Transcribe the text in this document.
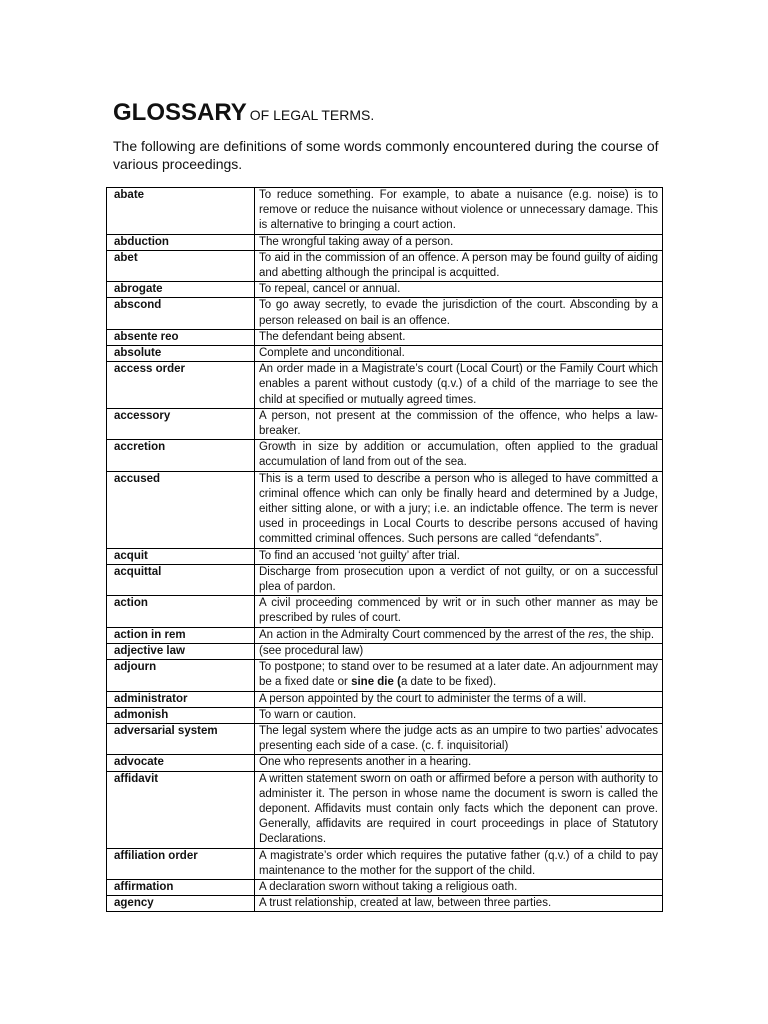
GLOSSARY OF LEGAL TERMS.

The following are definitions of some words commonly encountered during the course of various proceedings.

abate	To reduce something. For example, to abate a nuisance (e.g. noise) is to remove or reduce the nuisance without violence or unnecessary damage. This is alternative to bringing a court action.
abduction	The wrongful taking away of a person.
abet	To aid in the commission of an offence. A person may be found guilty of aiding and abetting although the principal is acquitted.
abrogate	To repeal, cancel or annual.
abscond	To go away secretly, to evade the jurisdiction of the court. Absconding by a person released on bail is an offence.
absente reo	The defendant being absent.
absolute	Complete and unconditional.
access order	An order made in a Magistrate’s court (Local Court) or the Family Court which enables a parent without custody (q.v.) of a child of the marriage to see the child at specified or mutually agreed times.
accessory	A person, not present at the commission of the offence, who helps a law-breaker.
accretion	Growth in size by addition or accumulation, often applied to the gradual accumulation of land from out of the sea.
accused	This is a term used to describe a person who is alleged to have committed a criminal offence which can only be finally heard and determined by a Judge, either sitting alone, or with a jury; i.e. an indictable offence. The term is never used in proceedings in Local Courts to describe persons accused of having committed criminal offences. Such persons are called “defendants”.
acquit	To find an accused ‘not guilty’ after trial.
acquittal	Discharge from prosecution upon a verdict of not guilty, or on a successful plea of pardon.
action	A civil proceeding commenced by writ or in such other manner as may be prescribed by rules of court.
action in rem	An action in the Admiralty Court commenced by the arrest of the res, the ship.
adjective law	(see procedural law)
adjourn	To postpone; to stand over to be resumed at a later date. An adjournment may be a fixed date or sine die (a date to be fixed).
administrator	A person appointed by the court to administer the terms of a will.
admonish	To warn or caution.
adversarial system	The legal system where the judge acts as an umpire to two parties’ advocates presenting each side of a case. (c. f. inquisitorial)
advocate	One who represents another in a hearing.
affidavit	A written statement sworn on oath or affirmed before a person with authority to administer it. The person in whose name the document is sworn is called the deponent. Affidavits must contain only facts which the deponent can prove. Generally, affidavits are required in court proceedings in place of Statutory Declarations.
affiliation order	A magistrate’s order which requires the putative father (q.v.) of a child to pay maintenance to the mother for the support of the child.
affirmation	A declaration sworn without taking a religious oath.
agency	A trust relationship, created at law, between three parties.
